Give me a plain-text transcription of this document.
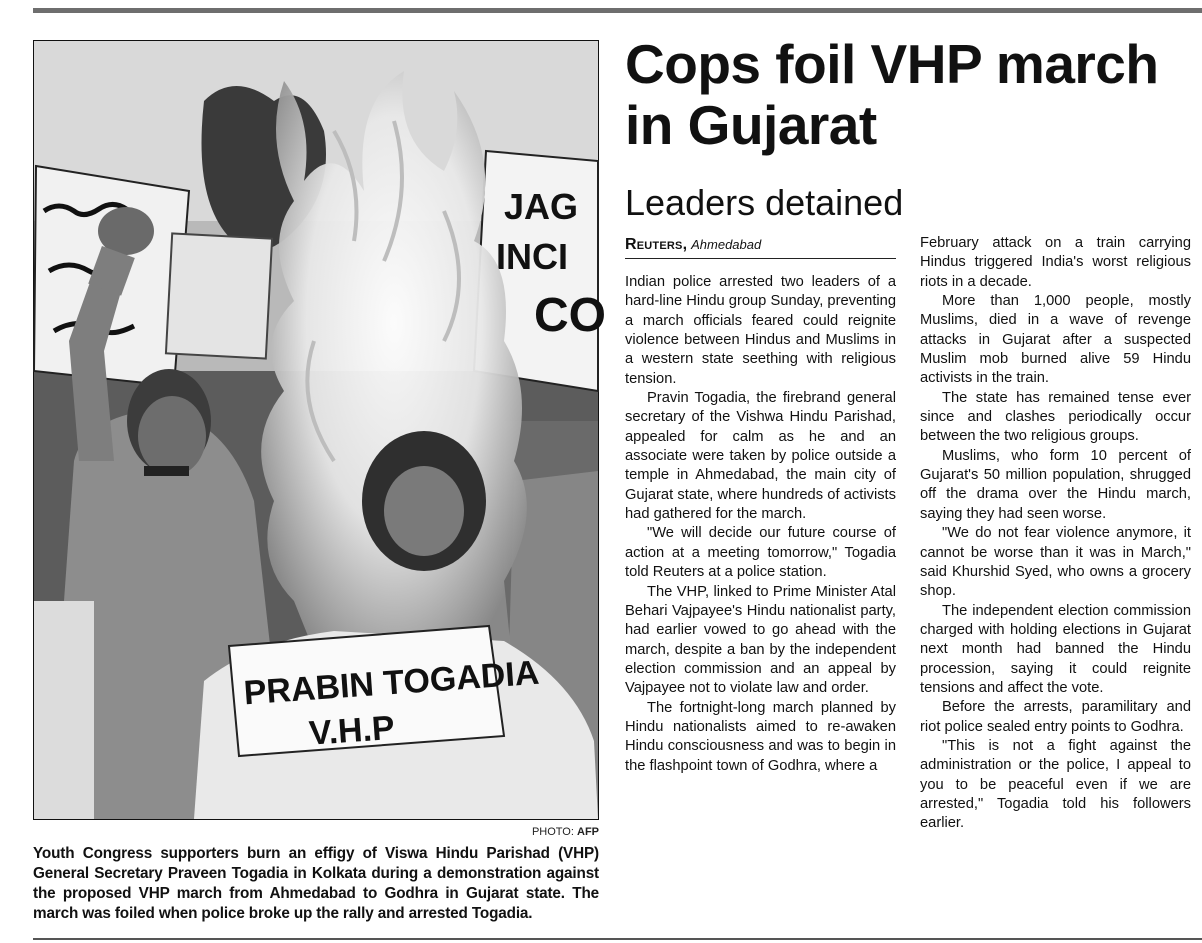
JAG
INCI
CO
PRABIN TOGADIA
V.H.P
PHOTO: AFP
Youth Congress supporters burn an effigy of Viswa Hindu Parishad (VHP) General Secretary Praveen Togadia in Kolkata during a demonstration against the proposed VHP march from Ahmedabad to Godhra in Gujarat state. The march was foiled when police broke up the rally and arrested Togadia.
Cops foil VHP march in Gujarat
Leaders detained
Reuters, Ahmedabad

Indian police arrested two leaders of a hard-line Hindu group Sunday, preventing a march officials feared could reignite violence between Hindus and Muslims in a western state seething with religious tension.

Pravin Togadia, the firebrand general secretary of the Vishwa Hindu Parishad, appealed for calm as he and an associate were taken by police outside a temple in Ahmedabad, the main city of Gujarat state, where hundreds of activists had gathered for the march.

"We will decide our future course of action at a meeting tomorrow," Togadia told Reuters at a police station.

The VHP, linked to Prime Minister Atal Behari Vajpayee's Hindu nationalist party, had earlier vowed to go ahead with the march, despite a ban by the independent election commission and an appeal by Vajpayee not to violate law and order.

The fortnight-long march planned by Hindu nationalists aimed to re-awaken Hindu consciousness and was to begin in the flashpoint town of Godhra, where a

February attack on a train carrying Hindus triggered India's worst religious riots in a decade.

More than 1,000 people, mostly Muslims, died in a wave of revenge attacks in Gujarat after a suspected Muslim mob burned alive 59 Hindu activists in the train.

The state has remained tense ever since and clashes periodically occur between the two religious groups.

Muslims, who form 10 percent of Gujarat's 50 million population, shrugged off the drama over the Hindu march, saying they had seen worse.

"We do not fear violence anymore, it cannot be worse than it was in March," said Khurshid Syed, who owns a grocery shop.

The independent election commission charged with holding elections in Gujarat next month had banned the Hindu procession, saying it could reignite tensions and affect the vote.

Before the arrests, paramilitary and riot police sealed entry points to Godhra.

"This is not a fight against the administration or the police, I appeal to you to be peaceful even if we are arrested," Togadia told his followers earlier.
